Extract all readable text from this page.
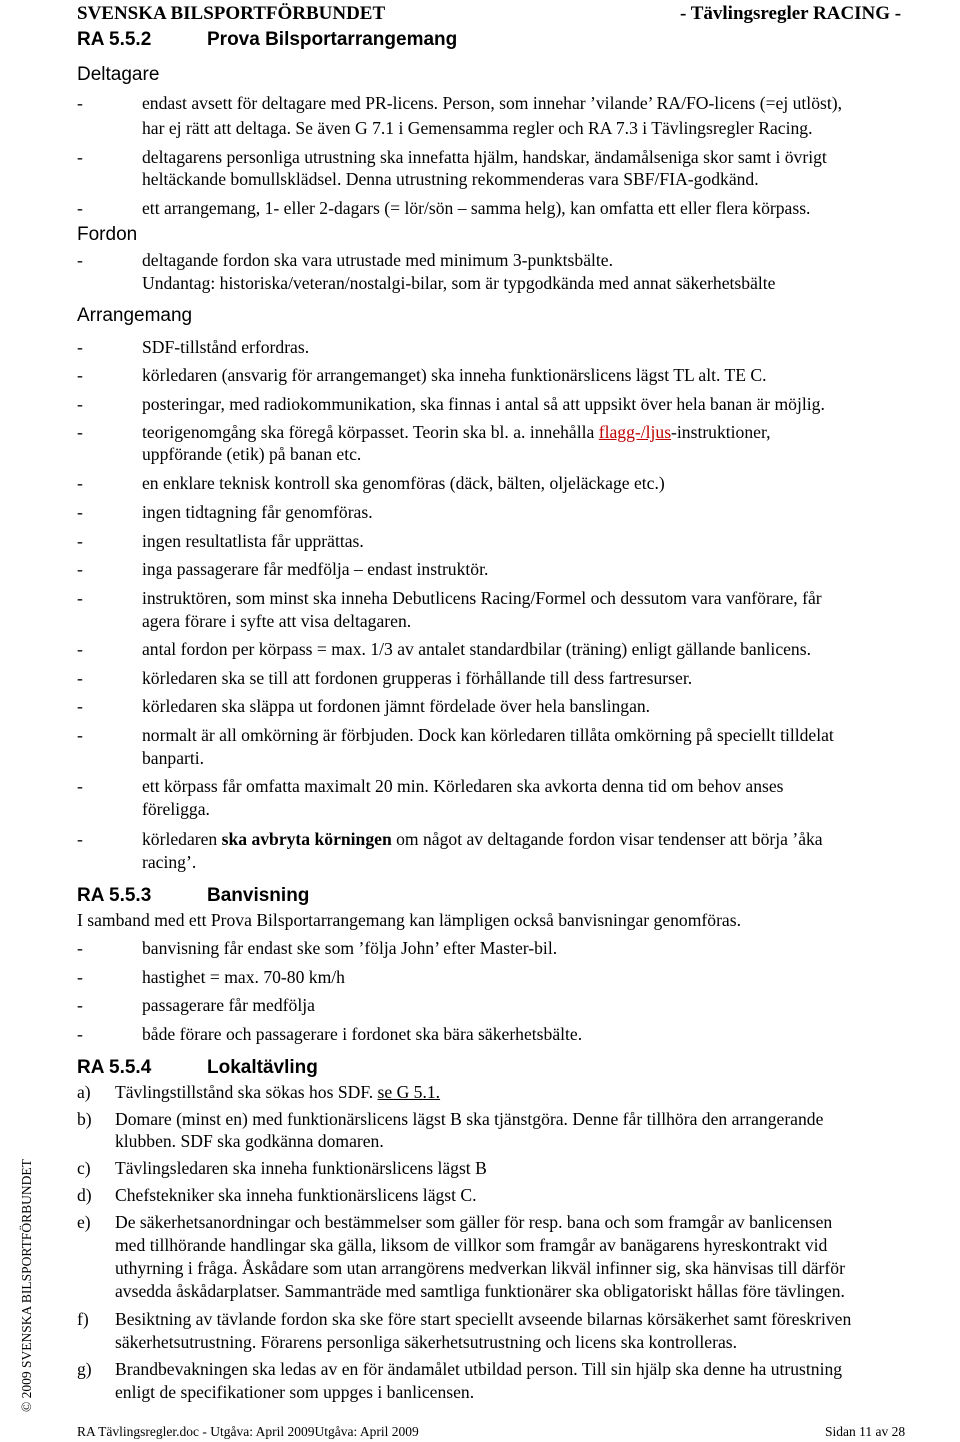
SVENSKA BILSPORTFÖRBUNDET	- Tävlingsregler RACING -
RA 5.5.2	Prova Bilsportarrangemang
Deltagare
-	endast avsett för deltagare med PR-licens. Person, som innehar ’vilande’ RA/FO-licens (=ej utlöst),
har ej rätt att deltaga. Se även G 7.1 i Gemensamma regler och RA 7.3 i Tävlingsregler Racing.
-	deltagarens personliga utrustning ska innefatta hjälm, handskar, ändamålseniga skor samt i övrigt
heltäckande bomullsklädsel. Denna utrustning rekommenderas vara SBF/FIA-godkänd.
-	ett arrangemang, 1- eller 2-dagars (= lör/sön – samma helg), kan omfatta ett eller flera körpass.
Fordon
-	deltagande fordon ska vara utrustade med minimum 3-punktsbälte.
Undantag: historiska/veteran/nostalgi-bilar, som är typgodkända med annat säkerhetsbälte
Arrangemang
-	SDF-tillstånd erfordras.
-	körledaren (ansvarig för arrangemanget) ska inneha funktionärslicens lägst TL alt. TE C.
-	posteringar, med radiokommunikation, ska finnas i antal så att uppsikt över hela banan är möjlig.
-	teorigenomgång ska föregå körpasset. Teorin ska bl. a. innehålla flagg-/ljus-instruktioner,
uppförande (etik) på banan etc.
-	en enklare teknisk kontroll ska genomföras (däck, bälten, oljeläckage etc.)
-	ingen tidtagning får genomföras.
-	ingen resultatlista får upprättas.
-	inga passagerare får medfölja – endast instruktör.
-	instruktören, som minst ska inneha Debutlicens Racing/Formel och dessutom vara vanförare, får
agera förare i syfte att visa deltagaren.
-	antal fordon per körpass = max. 1/3 av antalet standardbilar (träning) enligt gällande banlicens.
-	körledaren ska se till att fordonen grupperas i förhållande till dess fartresurser.
-	körledaren ska släppa ut fordonen jämnt fördelade över hela banslingan.
-	normalt är all omkörning är förbjuden. Dock kan körledaren tillåta omkörning på speciellt tilldelat
banparti.
-	ett körpass får omfatta maximalt 20 min. Körledaren ska avkorta denna tid om behov anses
föreligga.
-	körledaren ska avbryta körningen om något av deltagande fordon visar tendenser att börja ’åka
racing’.
RA 5.5.3	Banvisning
I samband med ett Prova Bilsportarrangemang kan lämpligen också banvisningar genomföras.
-	banvisning får endast ske som ’följa John’ efter Master-bil.
-	hastighet = max. 70-80 km/h
-	passagerare får medfölja
-	både förare och passagerare i fordonet ska bära säkerhetsbälte.
RA 5.5.4	Lokaltävling
a) Tävlingstillstånd ska sökas hos SDF. se G 5.1.
b) Domare (minst en) med funktionärslicens lägst B ska tjänstgöra. Denne får tillhöra den arrangerande
klubben. SDF ska godkänna domaren.
c) Tävlingsledaren ska inneha funktionärslicens lägst B
d) Chefstekniker ska inneha funktionärslicens lägst C.
e) De säkerhetsanordningar och bestämmelser som gäller för resp. bana och som framgår av banlicensen
med tillhörande handlingar ska gälla, liksom de villkor som framgår av banägarens hyreskontrakt vid
uthyrning i fråga. Åskådare som utan arrangörens medverkan likväl infinner sig, ska hänvisas till därför
avsedda åskådarplatser. Sammanträde med samtliga funktionärer ska obligatoriskt hållas före tävlingen.
f) Besiktning av tävlande fordon ska ske före start speciellt avseende bilarnas körsäkerhet samt föreskriven
säkerhetsutrustning. Förarens personliga säkerhetsutrustning och licens ska kontrolleras.
g) Brandbevakningen ska ledas av en för ändamålet utbildad person. Till sin hjälp ska denne ha utrustning
enligt de specifikationer som uppges i banlicensen.
© 2009 SVENSKA BILSPORTFÖRBUNDET
RA Tävlingsregler.doc - Utgåva: April 2009Utgåva: April 2009	Sidan 11 av 28
